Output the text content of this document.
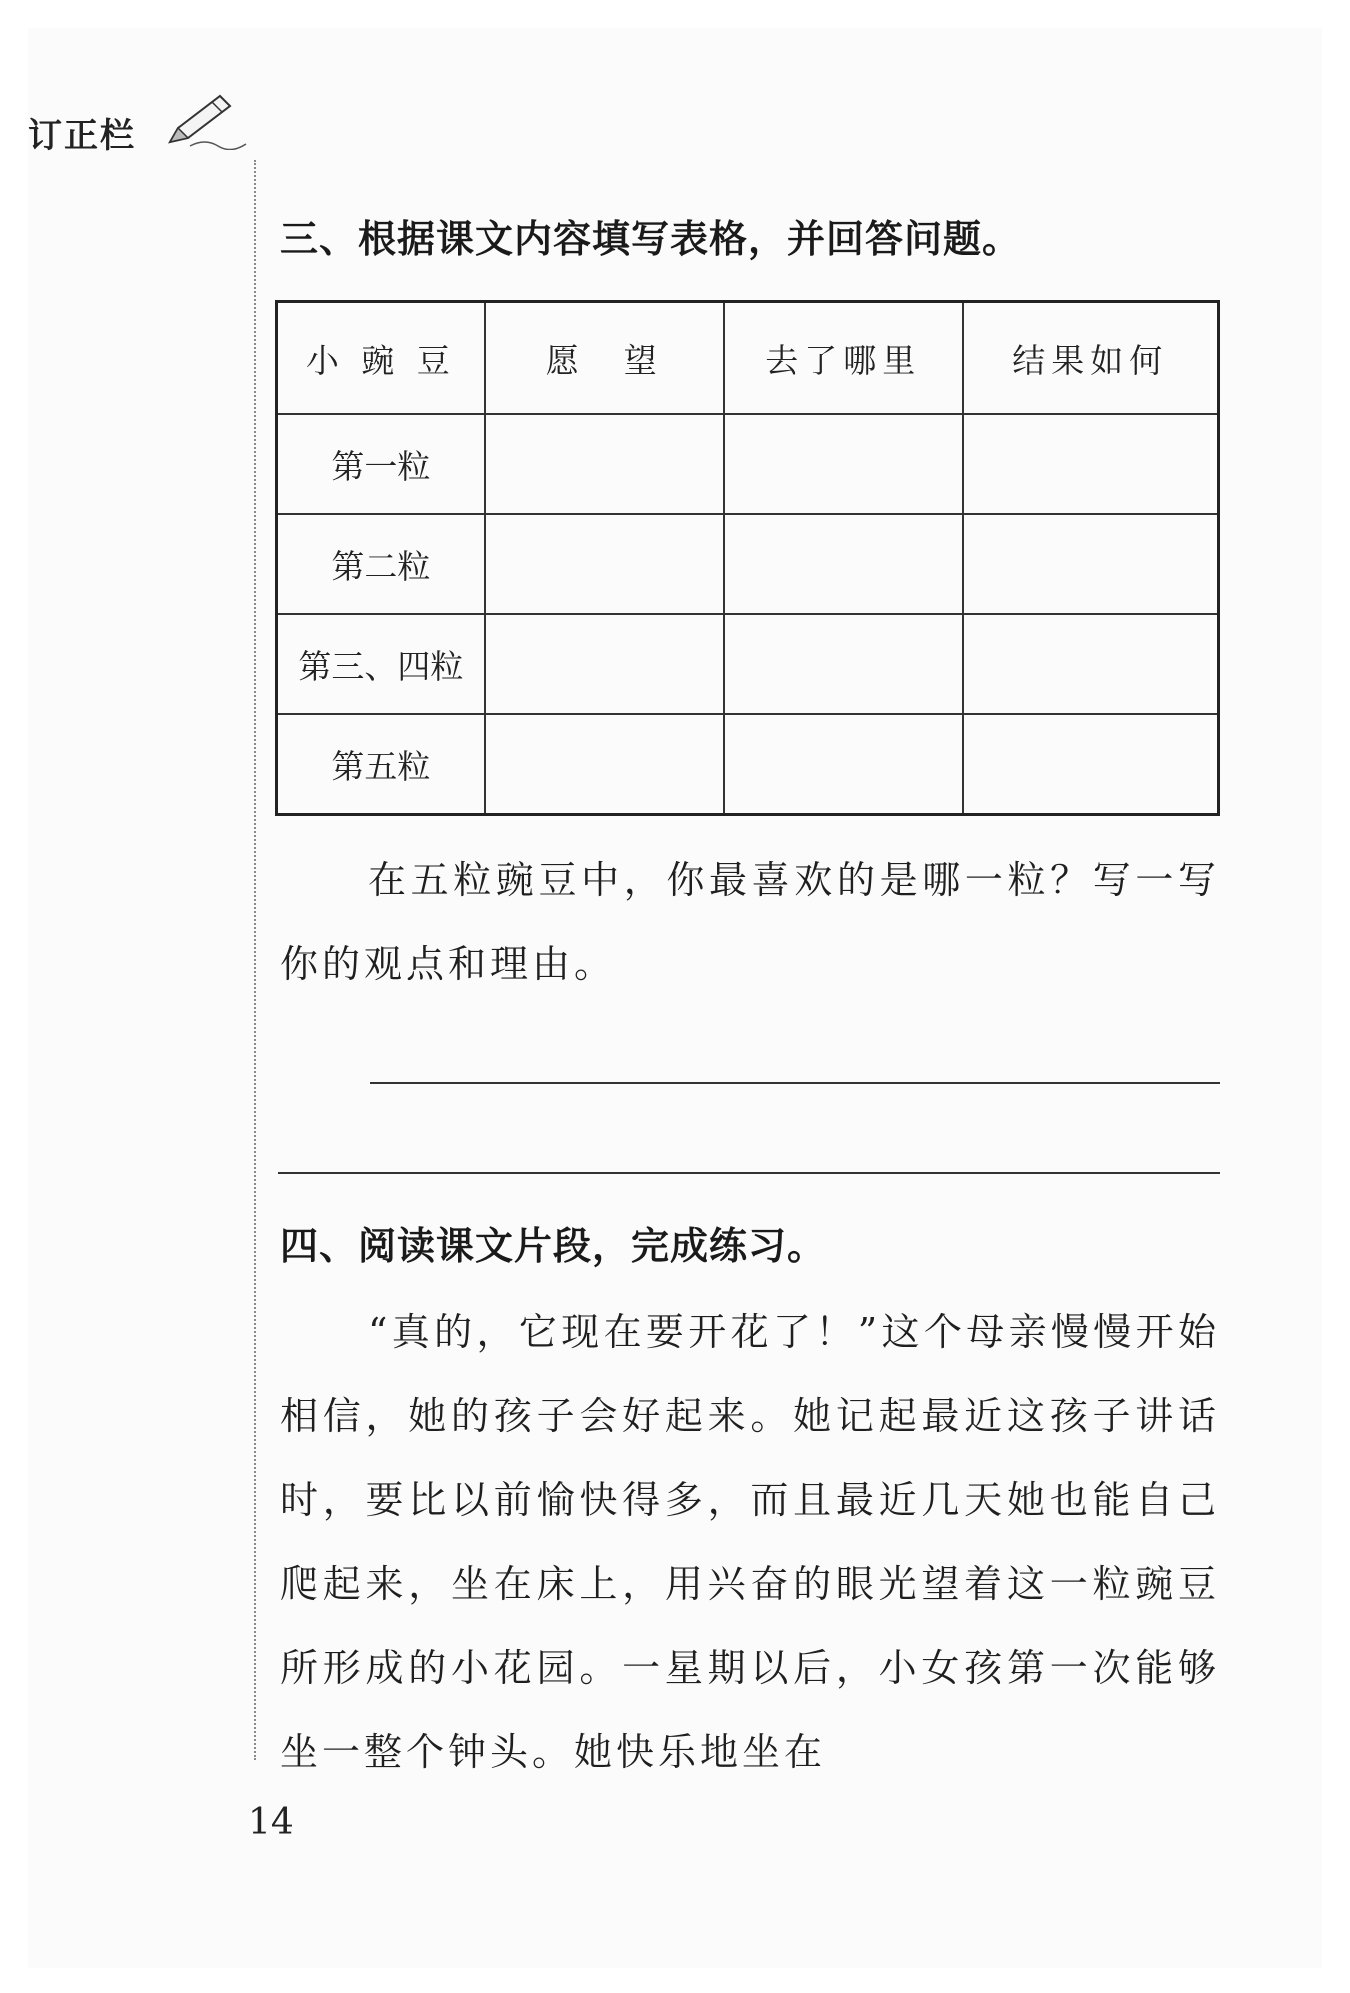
订正栏
三、根据课文内容填写表格，并回答问题。
小 豌 豆	愿　望	去了哪里	结果如何
第一粒			
第二粒			
第三、四粒			
第五粒			
在五粒豌豆中，你最喜欢的是哪一粒？写一写你的观点和理由。
四、阅读课文片段，完成练习。
“真的，它现在要开花了！”这个母亲慢慢开始相信，她的孩子会好起来。她记起最近这孩子讲话时，要比以前愉快得多，而且最近几天她也能自己爬起来，坐在床上，用兴奋的眼光望着这一粒豌豆所形成的小花园。一星期以后，小女孩第一次能够坐一整个钟头。她快乐地坐在
14
